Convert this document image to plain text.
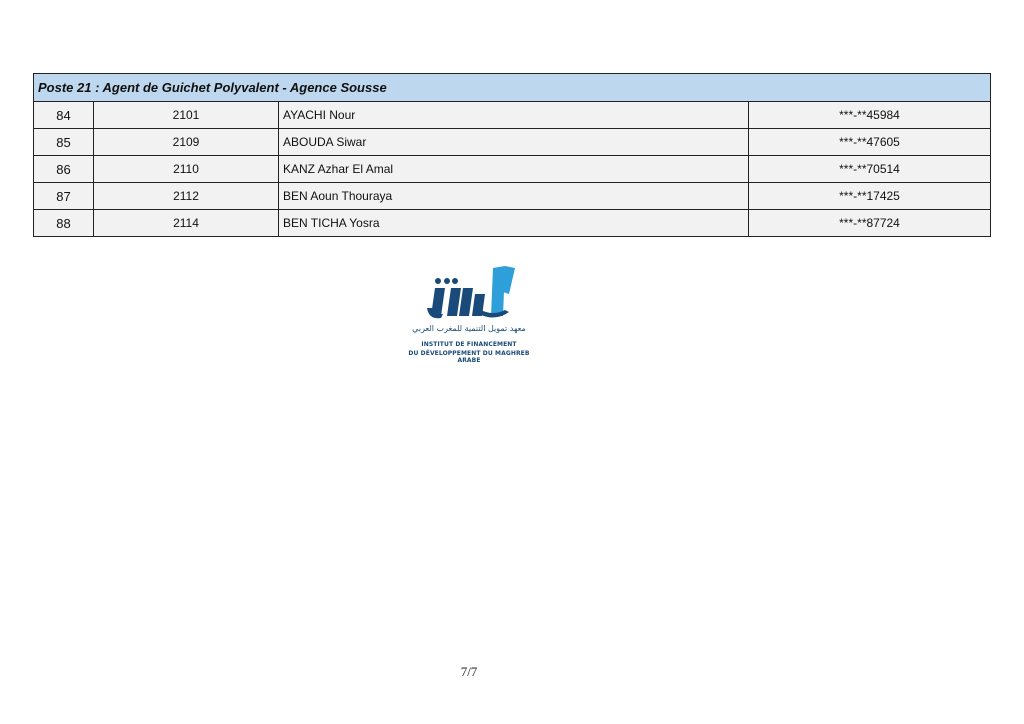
Poste 21 : Agent de Guichet Polyvalent - Agence Sousse			
84	2101	AYACHI Nour	***-**45984
85	2109	ABOUDA Siwar	***-**47605
86	2110	KANZ Azhar El Amal	***-**70514
87	2112	BEN Aoun Thouraya	***-**17425
88	2114	BEN TICHA Yosra	***-**87724
معهد تمويل التنمية للمغرب العربي
INSTITUT DE FINANCEMENT
DU DÉVELOPPEMENT DU MAGHREB ARABE
7/7
